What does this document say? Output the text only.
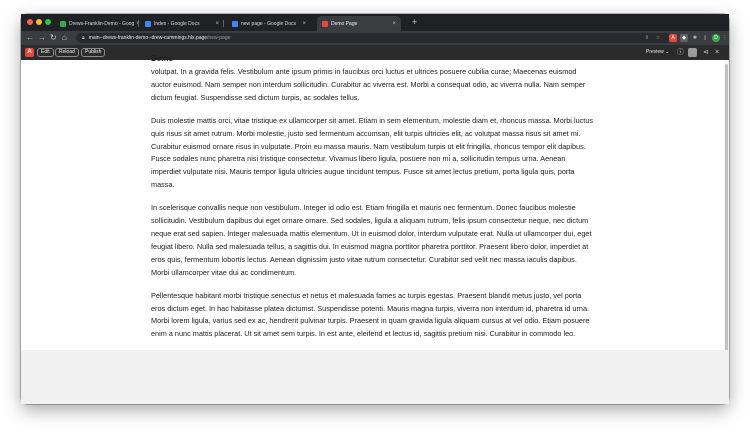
Drews-Franklin-Demo - Goog	Index - Google Docs	×	new page - Google Docs	×	Demo Page	× +
← → ↻ ⌂	🔒︎ main--drews-franklin-demo--drew-cummings.hlx.page /new-page	⇪	☆	A	◆	✱	▯	D ⋮
A	Edit	Reload	Publish	Preview ⌄ ⓘ	⋖ ×
Demo

volutpat. In a gravida felis. Vestibulum ante ipsum primis in faucibus orci luctus et ultrices posuere cubilia curae; Maecenas euismod auctor euismod. Nam semper non interdum sollicitudin. Curabitur ac viverra est. Morbi a consequat odio, ac viverra nulla. Nam semper dictum feugiat. Suspendisse sed dictum turpis, ac sodales tellus.

Duis molestie mattis orci, vitae tristique ex ullamcorper sit amet. Etiam in sem elementum, molestie diam et, rhoncus massa. Morbi luctus quis risus sit amet rutrum. Morbi molestie, justo sed fermentum accumsan, elit turpis ultricies elit, ac volutpat massa risus sit amet mi. Curabitur euismod ornare risus in vulputate. Proin eu massa mauris. Nam vestibulum turpis ut elit fringilla, rhoncus tempor elit dapibus. Fusce sodales nunc pharetra nisi tristique consectetur. Vivamus libero ligula, posuere non mi a, sollicitudin tempus urna. Aenean imperdiet vulputate nisi. Mauris tempor ligula ultricies augue tincidunt tempus. Fusce sit amet lectus pretium, porta ligula quis, porta massa.

In scelerisque convallis neque non vestibulum. Integer id odio est. Etiam fringilla et mauris nec fermentum. Donec faucibus molestie sollicitudin. Vestibulum dapibus dui eget ornare ornare. Sed sodales, ligula a aliquam rutrum, felis ipsum consectetur neque, nec dictum neque erat sed sapien. Integer malesuada mattis elementum. Ut in euismod dolor, interdum vulputate erat. Nulla ut ullamcorper dui, eget feugiat libero. Nulla sed malesuada tellus, a sagittis dui. In euismod magna porttitor pharetra porttitor. Praesent libero dolor, imperdiet at eros quis, fermentum lobortis lectus. Aenean dignissim justo vitae rutrum consectetur. Curabitur sed velit nec massa iaculis dapibus. Morbi ullamcorper vitae dui ac condimentum.

Pellentesque habitant morbi tristique senectus et netus et malesuada fames ac turpis egestas. Praesent blandit metus justo, vel porta eros dictum eget. In hac habitasse platea dictumst. Suspendisse potenti. Mauris magna turpis, viverra non interdum id, pharetra id urna. Morbi lorem ligula, varius sed ex ac, hendrerit pulvinar turpis. Praesent in quam gravida ligula aliquam cursus at vel odio. Etiam posuere enim a nunc mattis placerat. Ut sit amet sem turpis. In est ante, eleifend et lectus id, sagittis pretium nisi. Curabitur in commodo leo.
